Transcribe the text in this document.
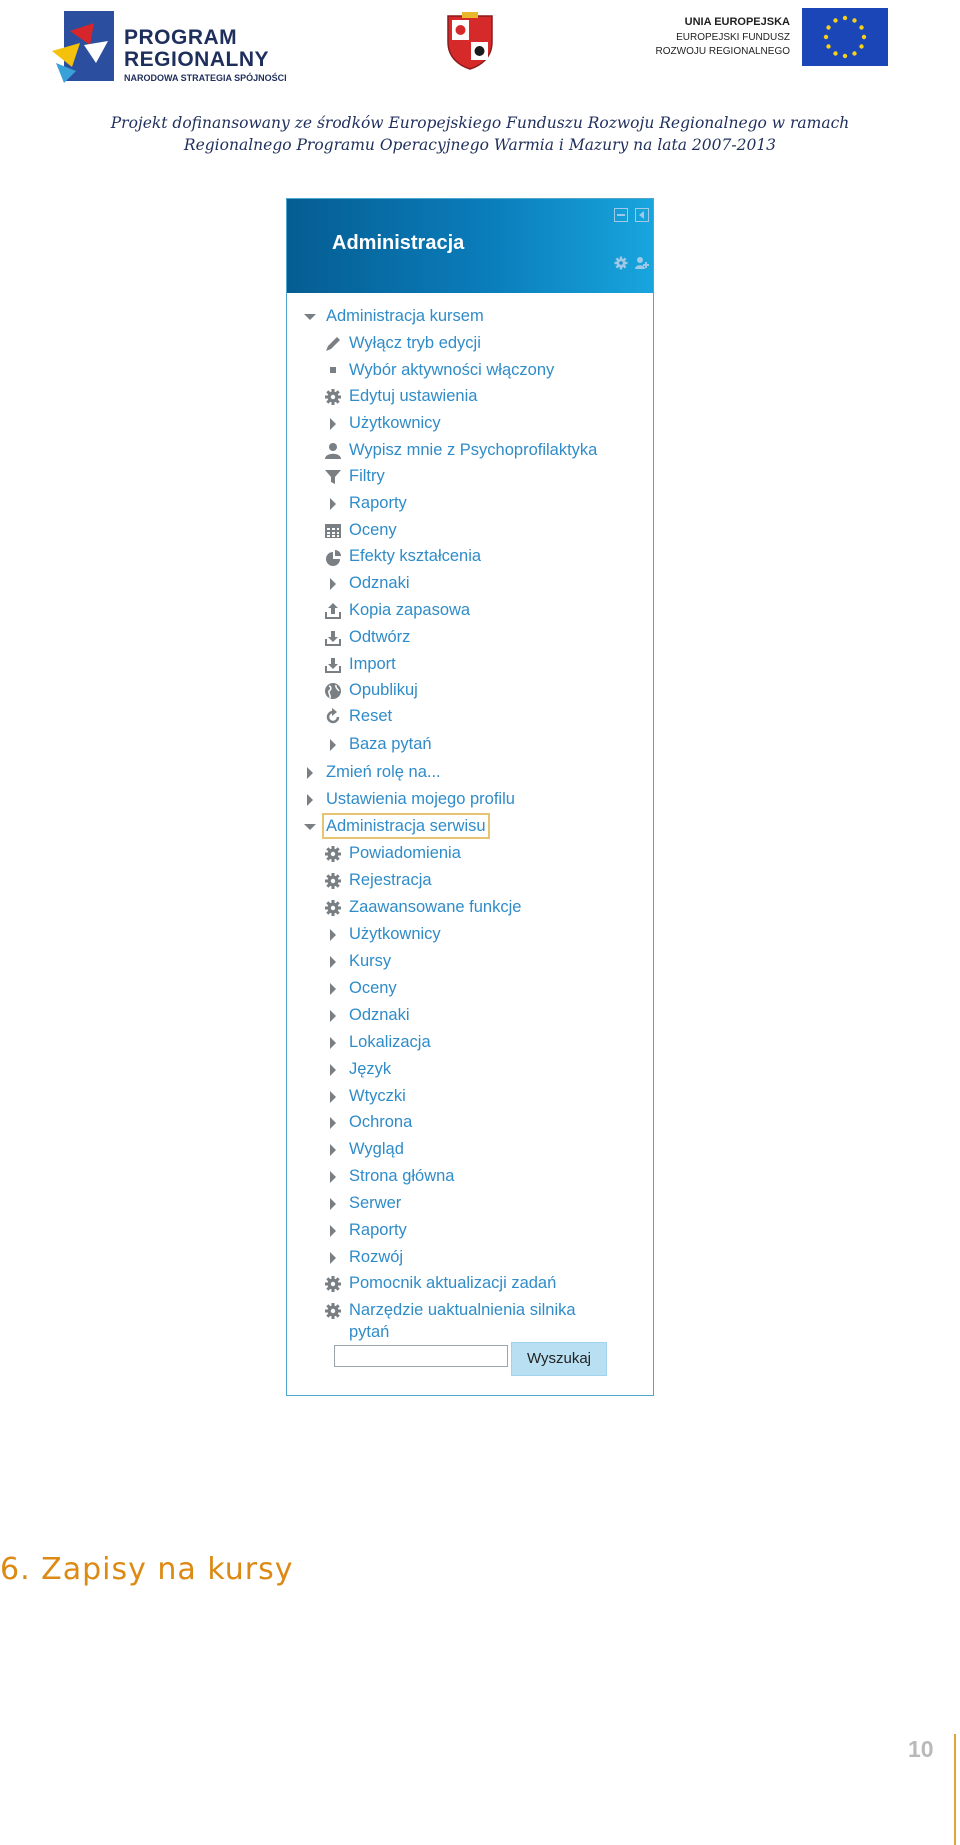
PROGRAM
REGIONALNY
NARODOWA STRATEGIA SPÓJNOŚCI
UNIA EUROPEJSKA
EUROPEJSKI FUNDUSZ
ROZWOJU REGIONALNEGO
Projekt dofinansowany ze środków Europejskiego Funduszu Rozwoju Regionalnego w ramach
Regionalnego Programu Operacyjnego Warmia i Mazury na lata 2007-2013
Administracja
Administracja kursem
Wyłącz tryb edycji
Wybór aktywności włączony
Edytuj ustawienia
Użytkownicy
Wypisz mnie z Psychoprofilaktyka
Filtry
Raporty
Oceny
Efekty kształcenia
Odznaki
Kopia zapasowa
Odtwórz
Import
Opublikuj
Reset
Baza pytań
Zmień rolę na...
Ustawienia mojego profilu
Administracja serwisu
Powiadomienia
Rejestracja
Zaawansowane funkcje
Użytkownicy
Kursy
Oceny
Odznaki
Lokalizacja
Język
Wtyczki
Ochrona
Wygląd
Strona główna
Serwer
Raporty
Rozwój
Pomocnik aktualizacji zadań
Narzędzie uaktualnienia silnika
pytań
Wyszukaj
6. Zapisy na kursy
10
